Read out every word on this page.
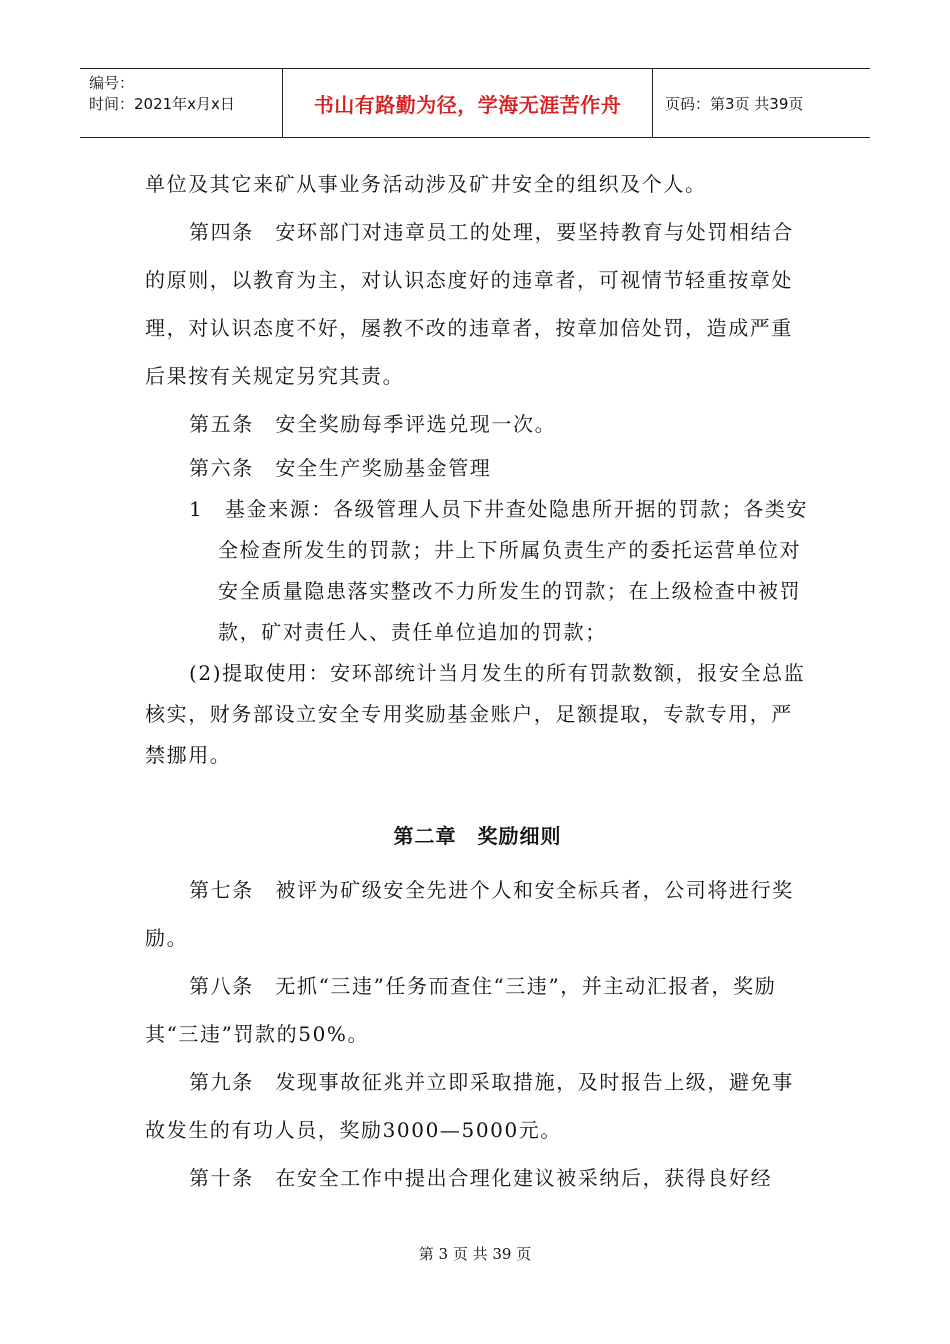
编号：
时间：2021年x月x日	书山有路勤为径，学海无涯苦作舟	页码：第3页 共39页

单位及其它来矿从事业务活动涉及矿井安全的组织及个人。

第四条　安环部门对违章员工的处理，要坚持教育与处罚相结合的原则，以教育为主，对认识态度好的违章者，可视情节轻重按章处理，对认识态度不好，屡教不改的违章者，按章加倍处罚，造成严重后果按有关规定另究其责。

第五条　安全奖励每季评选兑现一次。

第六条　安全生产奖励基金管理

1　基金来源：各级管理人员下井查处隐患所开据的罚款；各类安全检查所发生的罚款；井上下所属负责生产的委托运营单位对安全质量隐患落实整改不力所发生的罚款；在上级检查中被罚款，矿对责任人、责任单位追加的罚款；

(2)提取使用：安环部统计当月发生的所有罚款数额，报安全总监核实，财务部设立安全专用奖励基金账户，足额提取，专款专用，严禁挪用。

第二章　奖励细则

第七条　被评为矿级安全先进个人和安全标兵者，公司将进行奖励。

第八条　无抓“三违”任务而查住“三违”，并主动汇报者，奖励其“三违”罚款的50%。

第九条　发现事故征兆并立即采取措施，及时报告上级，避免事故发生的有功人员，奖励3000—5000元。

第十条　在安全工作中提出合理化建议被采纳后，获得良好经

第 3 页 共 39 页
